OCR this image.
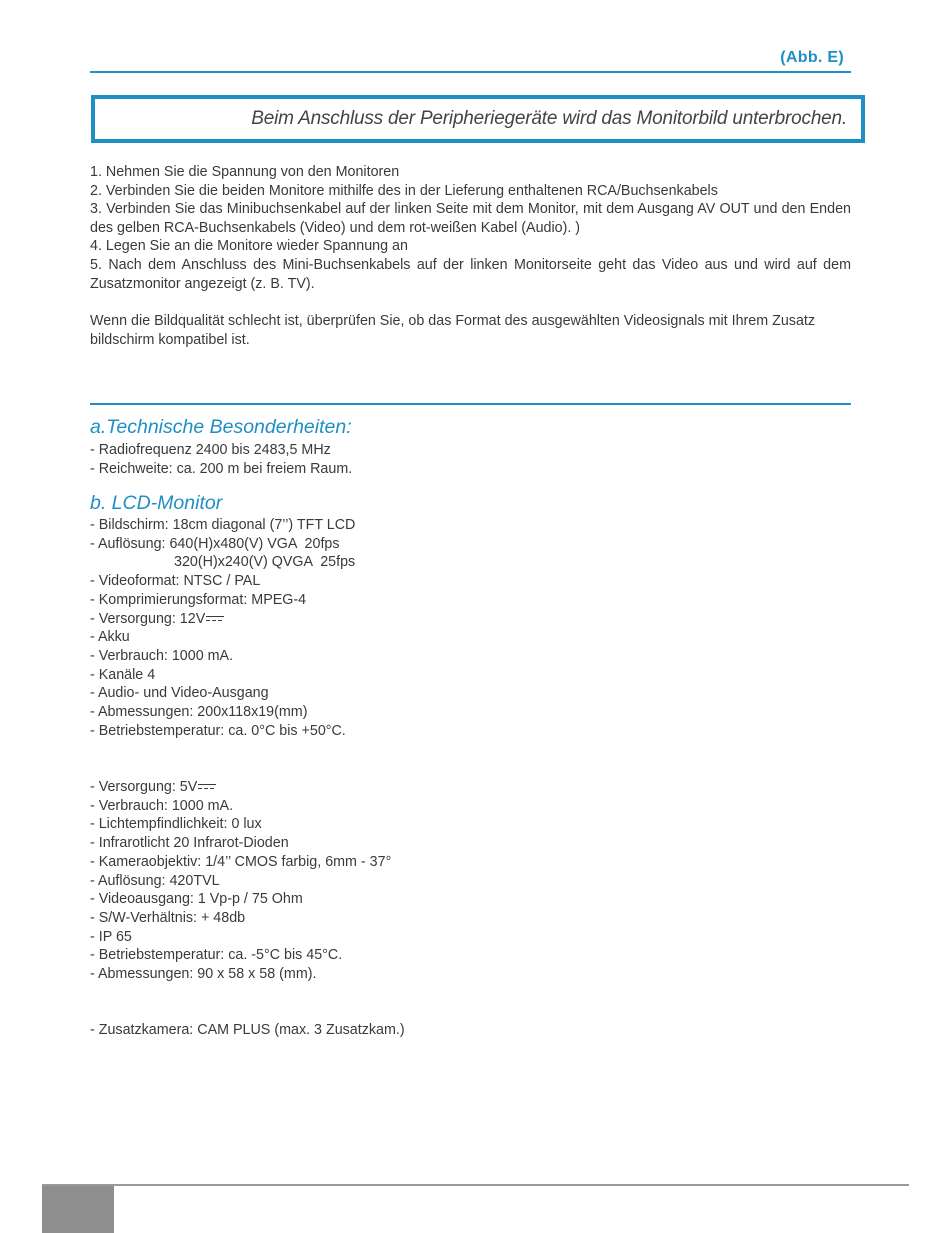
(Abb. E)
Beim Anschluss der Peripheriegeräte wird das Monitorbild unterbrochen.

1. Nehmen Sie die Spannung von den Monitoren

2. Verbinden Sie die beiden Monitore mithilfe des in der Lieferung enthaltenen RCA/Buchsenkabels

3. Verbinden Sie das Minibuchsenkabel auf der linken Seite mit dem Monitor, mit dem Ausgang AV OUT und den Enden des gelben RCA-Buchsenkabels (Video) und dem rot-weißen Kabel (Audio). )

4. Legen Sie an die Monitore wieder Spannung an

5. Nach dem Anschluss des Mini-Buchsenkabels auf der linken Monitorseite geht das Video aus und wird auf dem Zusatzmonitor angezeigt (z. B. TV).

Wenn die Bildqualität schlecht ist, überprüfen Sie, ob das Format des ausgewählten Videosignals mit Ihrem Zusatz bildschirm kompatibel ist.

a.Technische Besonderheiten:
- Radiofrequenz 2400 bis 2483,5 MHz
- Reichweite: ca. 200 m bei freiem Raum.
b. LCD-Monitor
- Bildschirm: 18cm diagonal (7’’) TFT LCD
- Auflösung: 640(H)x480(V) VGA  20fps
320(H)x240(V) QVGA  25fps
- Videoformat: NTSC / PAL
- Komprimierungsformat: MPEG-4
- Versorgung: 12V
- Akku
- Verbrauch: 1000 mA.
- Kanäle 4
- Audio- und Video-Ausgang
- Abmessungen: 200x118x19(mm)
- Betriebstemperatur: ca. 0°C bis +50°C.
- Versorgung: 5V
- Verbrauch: 1000 mA.
- Lichtempfindlichkeit: 0 lux
- Infrarotlicht 20 Infrarot-Dioden
- Kameraobjektiv: 1/4’’ CMOS farbig, 6mm - 37°
- Auflösung: 420TVL
- Videoausgang: 1 Vp-p / 75 Ohm
- S/W-Verhältnis: + 48db
- IP 65
- Betriebstemperatur: ca. -5°C bis 45°C.
- Abmessungen: 90 x 58 x 58 (mm).
- Zusatzkamera: CAM PLUS (max. 3 Zusatzkam.)
